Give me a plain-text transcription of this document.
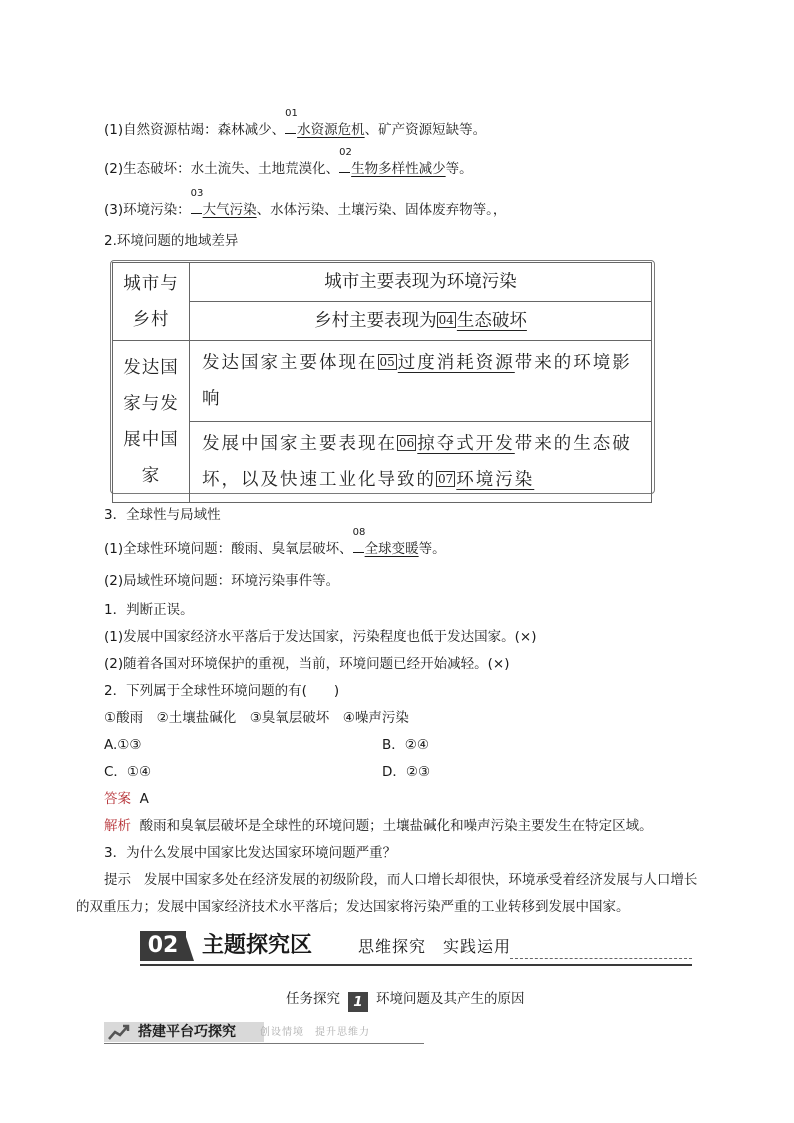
(1)自然资源枯竭：森林减少、
01
水资源危机、矿产资源短缺等。
(2)生态破坏：水土流失、土地荒漠化、
02
生物多样性减少等。
(3)环境污染：
03
大气污染、水体污染、土壤污染、固体废弃物等。，
2.环境问题的地域差异
城市与乡村	城市主要表现为环境污染
	乡村主要表现为 04 生态破坏
发达国家与发展中国家	发达国家主要体现在 05 过度消耗资源带来的环境影响
	发展中国家主要表现在 06 掠夺式开发带来的生态破坏，以及快速工业化导致的 07 环境污染
3．全球性与局域性
(1)全球性环境问题：酸雨、臭氧层破坏、
08
全球变暖等。
(2)局域性环境问题：环境污染事件等。
1．判断正误。
(1)发展中国家经济水平落后于发达国家，污染程度也低于发达国家。(×)
(2)随着各国对环境保护的重视，当前，环境问题已经开始减轻。(×)
2．下列属于全球性环境问题的有(　　)
①酸雨　②土壤盐碱化　③臭氧层破坏　④噪声污染
A.①③	B．②④
C．①④	D．②③
答案 A
解析 酸雨和臭氧层破坏是全球性的环境问题；土壤盐碱化和噪声污染主要发生在特定区域。
3．为什么发展中国家比发达国家环境问题严重？
提示 发展中国家多处在经济发展的初级阶段，而人口增长却很快，环境承受着经济发展与人口增长
的双重压力；发展中国家经济技术水平落后；发达国家将污染严重的工业转移到发展中国家。
02	主题探究区	思维探究　实践运用
任务探究 1 环境问题及其产生的原因
搭建平台巧探究 创设情境　提升思维力
